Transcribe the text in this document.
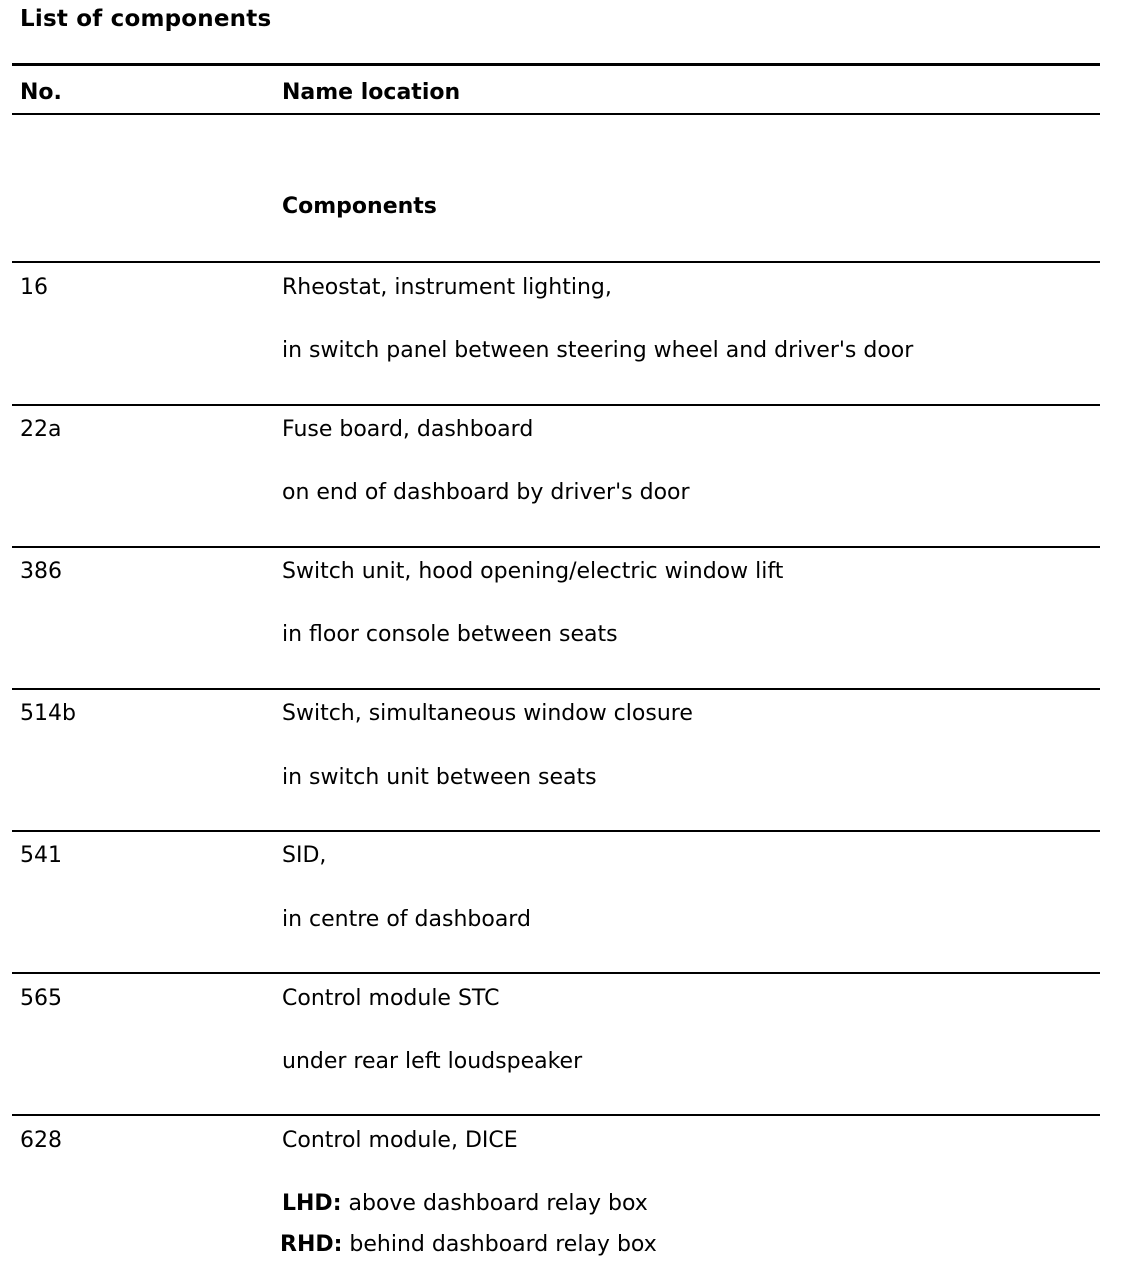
List of components
No.	Name location
Components
16	Rheostat, instrument lighting,
in switch panel between steering wheel and driver's door
22a	Fuse board, dashboard
on end of dashboard by driver's door
386	Switch unit, hood opening/electric window lift
in floor console between seats
514b	Switch, simultaneous window closure
in switch unit between seats
541	SID,
in centre of dashboard
565	Control module STC
under rear left loudspeaker
628	Control module, DICE
LHD: above dashboard relay box
RHD: behind dashboard relay box
